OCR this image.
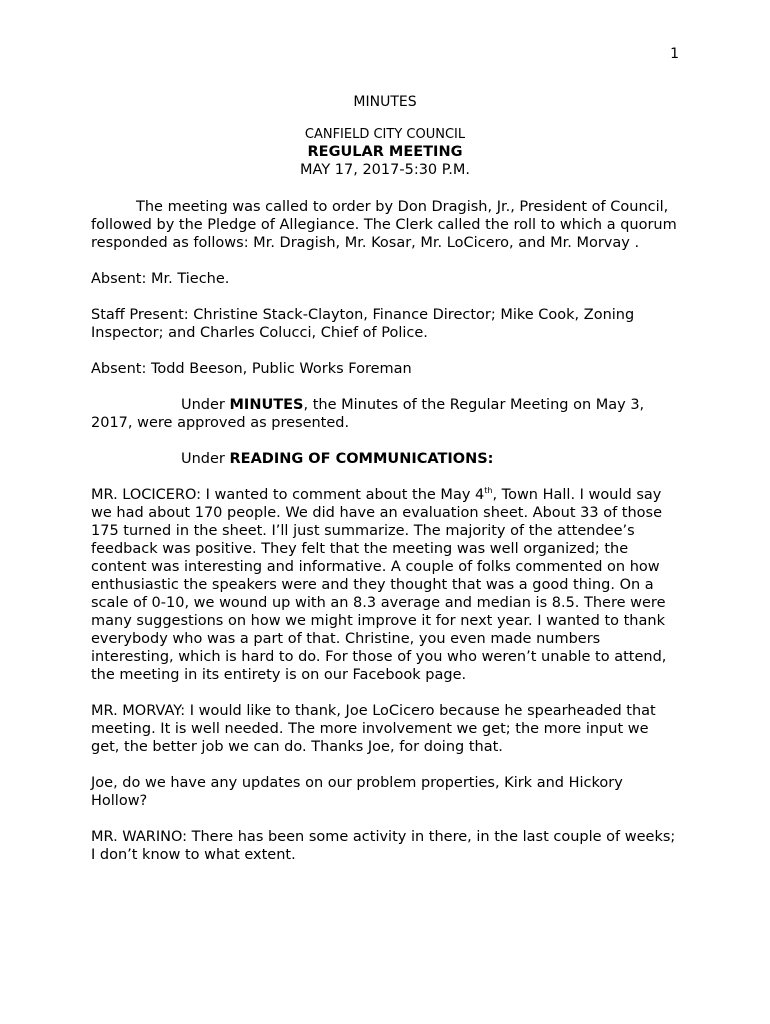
1
MINUTES
CANFIELD CITY COUNCIL
REGULAR MEETING
MAY 17, 2017-5:30 P.M.

The meeting was called to order by Don Dragish, Jr., President of Council, followed by the Pledge of Allegiance. The Clerk called the roll to which a quorum responded as follows: Mr. Dragish, Mr. Kosar, Mr. LoCicero, and Mr. Morvay .

Absent: Mr. Tieche.

Staff Present: Christine Stack-Clayton, Finance Director; Mike Cook, Zoning Inspector; and Charles Colucci, Chief of Police.

Absent: Todd Beeson, Public Works Foreman

Under MINUTES, the Minutes of the Regular Meeting on May 3, 2017, were approved as presented.

Under READING OF COMMUNICATIONS:

MR. LOCICERO: I wanted to comment about the May 4th, Town Hall. I would say we had about 170 people. We did have an evaluation sheet. About 33 of those 175 turned in the sheet. I’ll just summarize. The majority of the attendee’s feedback was positive. They felt that the meeting was well organized; the content was interesting and informative. A couple of folks commented on how enthusiastic the speakers were and they thought that was a good thing. On a scale of 0-10, we wound up with an 8.3 average and median is 8.5. There were many suggestions on how we might improve it for next year. I wanted to thank everybody who was a part of that. Christine, you even made numbers interesting, which is hard to do. For those of you who weren’t unable to attend, the meeting in its entirety is on our Facebook page.

MR. MORVAY: I would like to thank, Joe LoCicero because he spearheaded that meeting. It is well needed. The more involvement we get; the more input we get, the better job we can do. Thanks Joe, for doing that.

Joe, do we have any updates on our problem properties, Kirk and Hickory Hollow?

MR. WARINO: There has been some activity in there, in the last couple of weeks; I don’t know to what extent.
